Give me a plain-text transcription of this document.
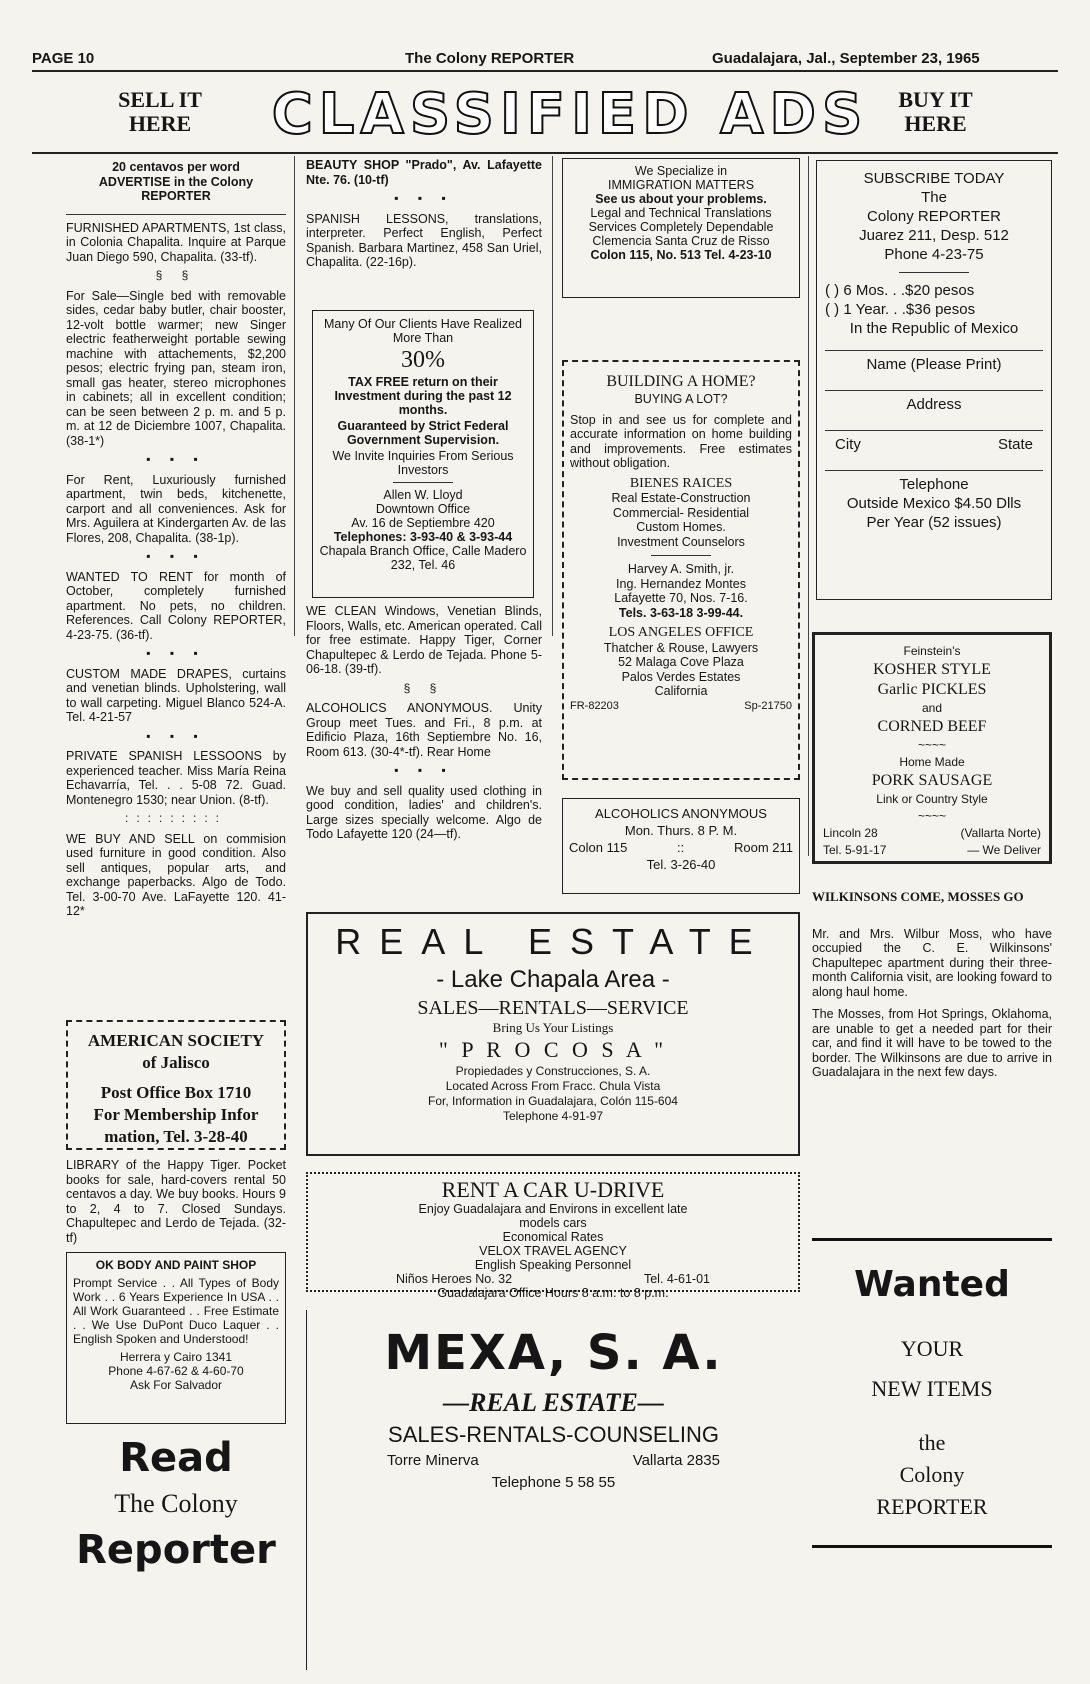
PAGE 10	The Colony REPORTER	Guadalajara, Jal., September 23, 1965
SELL IT
HERE	CLASSIFIED ADS	BUY IT
HERE
20 centavos per word
ADVERTISE in the Colony REPORTER

FURNISHED APARTMENTS, 1st class, in Colonia Chapalita. Inquire at Parque Juan Diego 590, Chapalita. (33-tf).

§ §

For Sale—Single bed with removable sides, cedar baby butler, chair booster, 12-volt bottle warmer; new Singer electric featherweight portable sewing machine with attachements, $2,200 pesos; electric frying pan, steam iron, small gas heater, stereo microphones in cabinets; all in excellent condition; can be seen between 2 p. m. and 5 p. m. at 12 de Diciembre 1007, Chapalita. (38-1*)

▪ ▪ ▪

For Rent, Luxuriously furnished apartment, twin beds, kitchenette, carport and all conveniences. Ask for Mrs. Aguilera at Kindergarten Av. de las Flores, 208, Chapalita. (38-1p).

▪ ▪ ▪

WANTED TO RENT for month of October, completely furnished apartment. No pets, no children. References. Call Colony REPORTER, 4-23-75. (36-tf).

▪ ▪ ▪

CUSTOM MADE DRAPES, curtains and venetian blinds. Upholstering, wall to wall carpeting. Miguel Blanco 524-A. Tel. 4-21-57

▪ ▪ ▪

PRIVATE SPANISH LESSOONS by experienced teacher. Miss María Reina Echavarría, Tel. . . 5-08 72. Guad. Montenegro 1530; near Union. (8-tf).

:::::::::

WE BUY AND SELL on commision used furniture in good condition. Also sell antiques, popular arts, and exchange paperbacks. Algo de Todo. Tel. 3-00-70 Ave. LaFayette 120. 41-12*

AMERICAN SOCIETY
of Jalisco
Post Office Box 1710
For Membership Infor
mation, Tel. 3-28-40

LIBRARY of the Happy Tiger. Pocket books for sale, hard-covers rental 50 centavos a day. We buy books. Hours 9 to 2, 4 to 7. Closed Sundays. Chapultepec and Lerdo de Tejada. (32-tf)

OK BODY AND PAINT SHOP

Prompt Service . . All Types of Body Work . . 6 Years Experience In USA . . All Work Guaranteed . . Free Estimate . . We Use DuPont Duco Laquer . . English Spoken and Understood!

Herrera y Cairo 1341
Phone 4-67-62 & 4-60-70
Ask For Salvador
Read
The Colony
Reporter

BEAUTY SHOP "Prado", Av. Lafayette Nte. 76. (10-tf)

▪ ▪ ▪

SPANISH LESSONS, translations, interpreter. Perfect English, Perfect Spanish. Barbara Martinez, 458 San Uriel, Chapalita. (22-16p).

Many Of Our Clients Have Realized More Than
30%
TAX FREE return on their Investment during the past 12 months.
Guaranteed by Strict Federal Government Supervision.
We Invite Inquiries From Serious Investors
Allen W. Lloyd
Downtown Office
Av. 16 de Septiembre 420
Telephones: 3-93-40 & 3-93-44
Chapala Branch Office, Calle Madero 232, Tel. 46

WE CLEAN Windows, Venetian Blinds, Floors, Walls, etc. American operated. Call for free estimate. Happy Tiger, Corner Chapultepec & Lerdo de Tejada. Phone 5-06-18. (39-tf).

§ §

ALCOHOLICS ANONYMOUS. Unity Group meet Tues. and Fri., 8 p.m. at Edificio Plaza, 16th Septiembre No. 16, Room 613. (30-4*-tf). Rear Home

▪ ▪ ▪

We buy and sell quality used clothing in good condition, ladies' and children's. Large sizes specially welcome. Algo de Todo Lafayette 120 (24—tf).

We Specialize in
IMMIGRATION MATTERS
See us about your problems.
Legal and Technical Translations
Services Completely Dependable
Clemencia Santa Cruz de Risso
Colon 115, No. 513 Tel. 4-23-10
BUILDING A HOME?
BUYING A LOT?

Stop in and see us for complete and accurate information on home building and improvements. Free estimates without obligation.

BIENES RAICES
Real Estate-Construction
Commercial- Residential
Custom Homes.
Investment Counselors
Harvey A. Smith, jr.
Ing. Hernandez Montes
Lafayette 70, Nos. 7-16.
Tels. 3-63-18 3-99-44.
LOS ANGELES OFFICE
Thatcher & Rouse, Lawyers
52 Malaga Cove Plaza
Palos Verdes Estates
California
FR-82203	Sp-21750
ALCOHOLICS ANONYMOUS
Mon. Thurs. 8 P. M.
Colon 115	::	Room 211
Tel. 3-26-40
SUBSCRIBE TODAY
The
Colony REPORTER
Juarez 211, Desp. 512
Phone 4-23-75
( ) 6 Mos. . .$20 pesos
( ) 1 Year. . .$36 pesos
In the Republic of Mexico
Name (Please Print)
Address
City	State
Telephone
Outside Mexico $4.50 Dlls
Per Year (52 issues)
Feinstein's
KOSHER STYLE
Garlic PICKLES
and
CORNED BEEF
~~~~
Home Made
PORK SAUSAGE
Link or Country Style
~~~~
Lincoln 28	(Vallarta Norte)
Tel. 5-91-17	— We Deliver
WILKINSONS COME, MOSSES GO

Mr. and Mrs. Wilbur Moss, who have occupied the C. E. Wilkinsons' Chapultepec apartment during their three-month California visit, are looking foward to along haul home.

The Mosses, from Hot Springs, Oklahoma, are unable to get a needed part for their car, and find it will have to be towed to the border. The Wilkinsons are due to arrive in Guadalajara in the next few days.

Wanted
YOUR
NEW ITEMS
the
Colony
REPORTER
REAL ESTATE
- Lake Chapala Area -
SALES—RENTALS—SERVICE
Bring Us Your Listings
" P R O C O S A "
Propiedades y Construcciones, S. A.
Located Across From Fracc. Chula Vista
For, Information in Guadalajara, Colón 115-604
Telephone 4-91-97
RENT A CAR U-DRIVE
Enjoy Guadalajara and Environs in excellent late models cars
Economical Rates
VELOX TRAVEL AGENCY
English Speaking Personnel
Niños Heroes No. 32	Tel. 4-61-01
Guadalajara Office Hours 8 a.m. to 8 p.m.
MEXA, S. A.
—REAL ESTATE—
SALES-RENTALS-COUNSELING
Torre Minerva	Vallarta 2835
Telephone 5 58 55
